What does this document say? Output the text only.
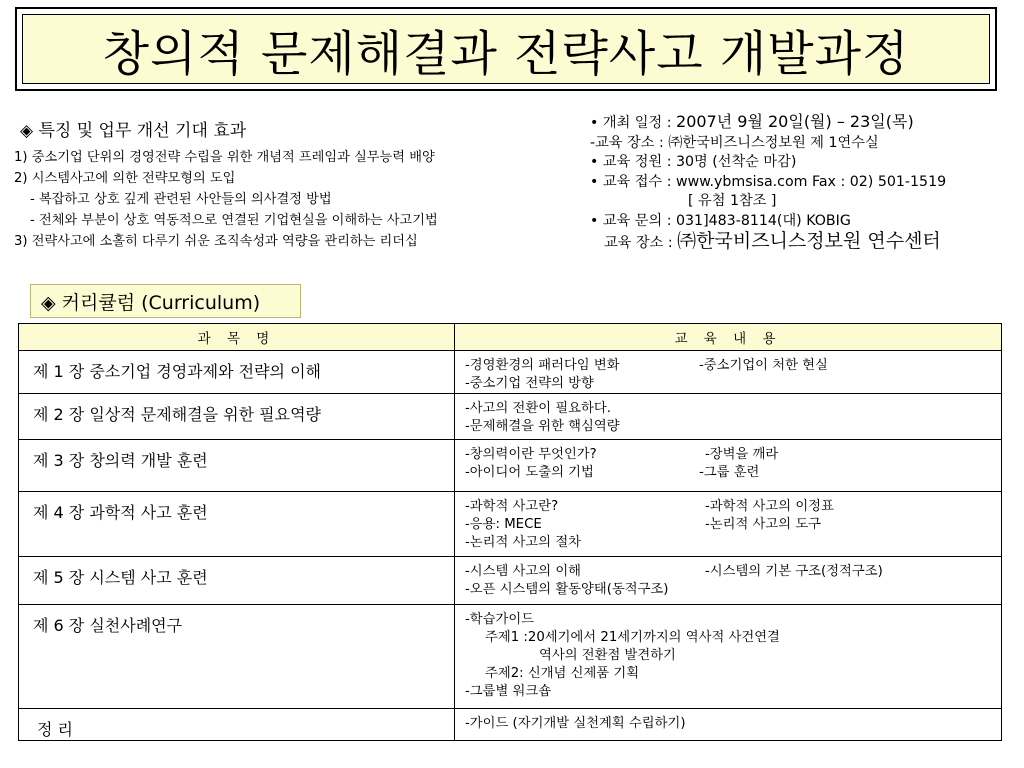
창의적 문제해결과 전략사고 개발과정
◈ 특징 및 업무 개선 기대 효과
1) 중소기업 단위의 경영전략 수립을 위한 개념적 프레임과 실무능력 배양
2) 시스템사고에 의한 전략모형의 도입
- 복잡하고 상호 깊게 관련된 사안들의 의사결정 방법
- 전체와 부분이 상호 역동적으로 연결된 기업현실을 이해하는 사고기법
3) 전략사고에 소홀히 다루기 쉬운 조직속성과 역량을 관리하는 리더십
• 개최 일정 : 2007년 9월 20일(월) – 23일(목)
-교육 장소 : ㈜한국비즈니스정보원 제 1연수실
• 교육 정원 : 30명 (선착순 마감)
• 교육 접수 : www.ybmsisa.com Fax : 02) 501-1519
[ 유첨 1참조 ]
• 교육 문의 : 031]483-8114(대) KOBIG
교육 장소 : ㈜한국비즈니스정보원 연수센터
◈ 커리큘럼 (Curriculum)
과 목 명	교 육 내 용
제 1 장 중소기업 경영과제와 전략의 이해	-경영환경의 패러다임 변화 -중소기업이 처한 현실
-중소기업 전략의 방향

제 2 장 일상적 문제해결을 위한 필요역량	-사고의 전환이 필요하다.
-문제해결을 위한 핵심역량

제 3 장 창의력 개발 훈련	-창의력이란 무엇인가? -장벽을 깨라
-아이디어 도출의 기법 -그룹 훈련

제 4 장 과학적 사고 훈련	-과학적 사고란? -과학적 사고의 이정표
-응용: MECE -논리적 사고의 도구
-논리적 사고의 절차

제 5 장 시스템 사고 훈련	-시스템 사고의 이해 -시스템의 기본 구조(정적구조)
-오픈 시스템의 활동양태(동적구조)

제 6 장 실천사례연구	-학습가이드
주제1 :20세기에서 21세기까지의 역사적 사건연결
역사의 전환점 발견하기
주제2: 신개념 신제품 기획
-그룹별 워크숍

정 리	-가이드 (자기개발 실천계획 수립하기)
